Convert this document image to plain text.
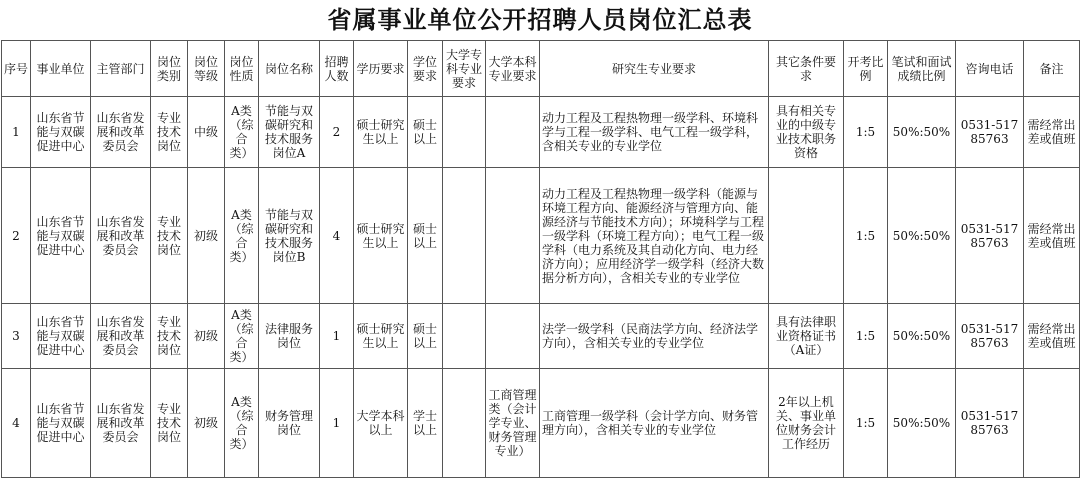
省属事业单位公开招聘人员岗位汇总表
序号	事业单位	主管部门	岗位类别	岗位等级	岗位性质	岗位名称	招聘人数	学历要求	学位要求	大学专科专业要求	大学本科专业要求	研究生专业要求	其它条件要求	开考比例	笔试和面试成绩比例	咨询电话	备注

1	山东省节能与双碳促进中心	山东省发展和改革委员会	专业技术岗位	中级	A类（综合类）	节能与双碳研究和技术服务岗位A	2	硕士研究生以上	硕士以上			动力工程及工程热物理一级学科、环境科学与工程一级学科、电气工程一级学科，含相关专业的专业学位	具有相关专业的中级专业技术职务资格	1:5	50%:50%	0531-51785763	需经常出差或值班

2	山东省节能与双碳促进中心	山东省发展和改革委员会	专业技术岗位	初级	A类（综合类）	节能与双碳研究和技术服务岗位B	4	硕士研究生以上	硕士以上			动力工程及工程热物理一级学科（能源与环境工程方向、能源经济与管理方向、能源经济与节能技术方向）；环境科学与工程一级学科（环境工程方向）；电气工程一级学科（电力系统及其自动化方向、电力经济方向）；应用经济学一级学科（经济大数据分析方向），含相关专业的专业学位		1:5	50%:50%	0531-51785763	需经常出差或值班

3	山东省节能与双碳促进中心	山东省发展和改革委员会	专业技术岗位	初级	A类（综合类）	法律服务岗位	1	硕士研究生以上	硕士以上			法学一级学科（民商法学方向、经济法学方向），含相关专业的专业学位	具有法律职业资格证书（A证）	1:5	50%:50%	0531-51785763	需经常出差或值班

4	山东省节能与双碳促进中心	山东省发展和改革委员会	专业技术岗位	初级	A类（综合类）	财务管理岗位	1	大学本科以上	学士以上		工商管理类（会计学专业、财务管理专业）	工商管理一级学科（会计学方向、财务管理方向），含相关专业的专业学位	2年以上机关、事业单位财务会计工作经历	1:5	50%:50%	0531-51785763	
